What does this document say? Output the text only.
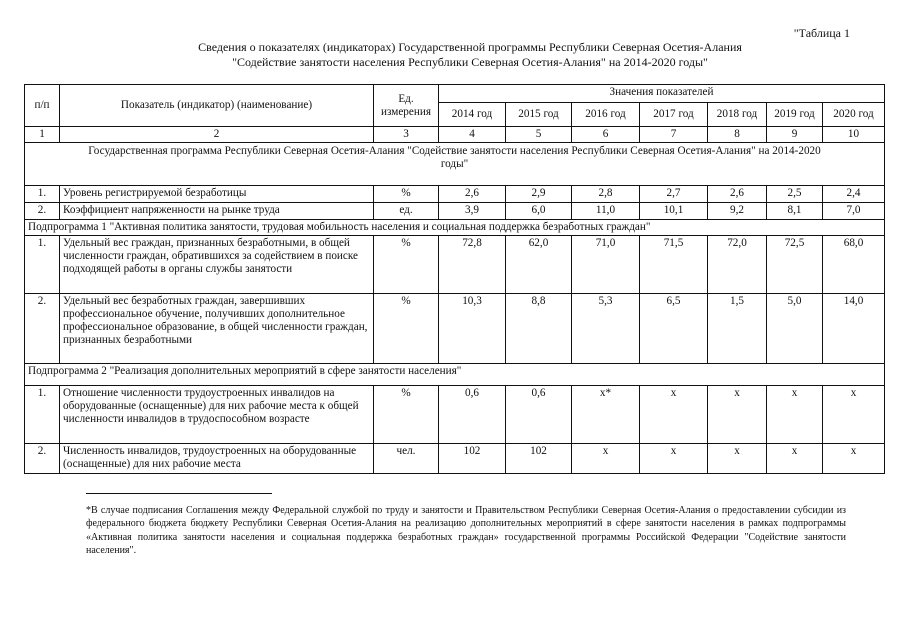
"Таблица 1
Сведения о показателях (индикаторах) Государственной программы Республики Северная Осетия-Алания
"Содействие занятости населения Республики Северная Осетия-Алания" на 2014-2020 годы"
п/п	Показатель (индикатор) (наименование)	Ед. измерения	Значения показателей						
			2014 год	2015 год	2016 год	2017 год	2018 год	2019 год	2020 год
1	2	3	4	5	6	7	8	9	10
Государственная программа Республики Северная Осетия-Алания "Содействие занятости населения Республики Северная Осетия-Алания" на 2014-2020 годы"									
1.	Уровень регистрируемой безработицы	%	2,6	2,9	2,8	2,7	2,6	2,5	2,4
2.	Коэффициент напряженности на рынке труда	ед.	3,9	6,0	11,0	10,1	9,2	8,1	7,0
Подпрограмма 1 "Активная политика занятости, трудовая мобильность населения и социальная поддержка безработных граждан"									
1.	Удельный вес граждан, признанных безработными, в общей численности граждан, обратившихся за содействием в поиске подходящей работы в органы службы занятости	%	72,8	62,0	71,0	71,5	72,0	72,5	68,0
2.	Удельный вес безработных граждан, завершивших профессиональное обучение, получивших дополнительное профессиональное образование, в общей численности граждан, признанных безработными	%	10,3	8,8	5,3	6,5	1,5	5,0	14,0
Подпрограмма 2 "Реализация дополнительных мероприятий в сфере занятости населения"									
1.	Отношение численности трудоустроенных инвалидов на оборудованные (оснащенные) для них рабочие места к общей численности инвалидов в трудоспособном возрасте	%	0,6	0,6	х*	х	х	х	х
2.	Численность инвалидов, трудоустроенных на оборудованные (оснащенные) для них рабочие места	чел.	102	102	х	х	х	х	х
*В случае подписания Соглашения между Федеральной службой по труду и занятости и Правительством Республики Северная Осетия-Алания о предоставлении субсидии из федерального бюджета бюджету Республики Северная Осетия-Алания на реализацию дополнительных мероприятий в сфере занятости населения в рамках подпрограммы «Активная политика занятости населения и социальная поддержка безработных граждан» государственной программы Российской Федерации "Содействие занятости населения".
